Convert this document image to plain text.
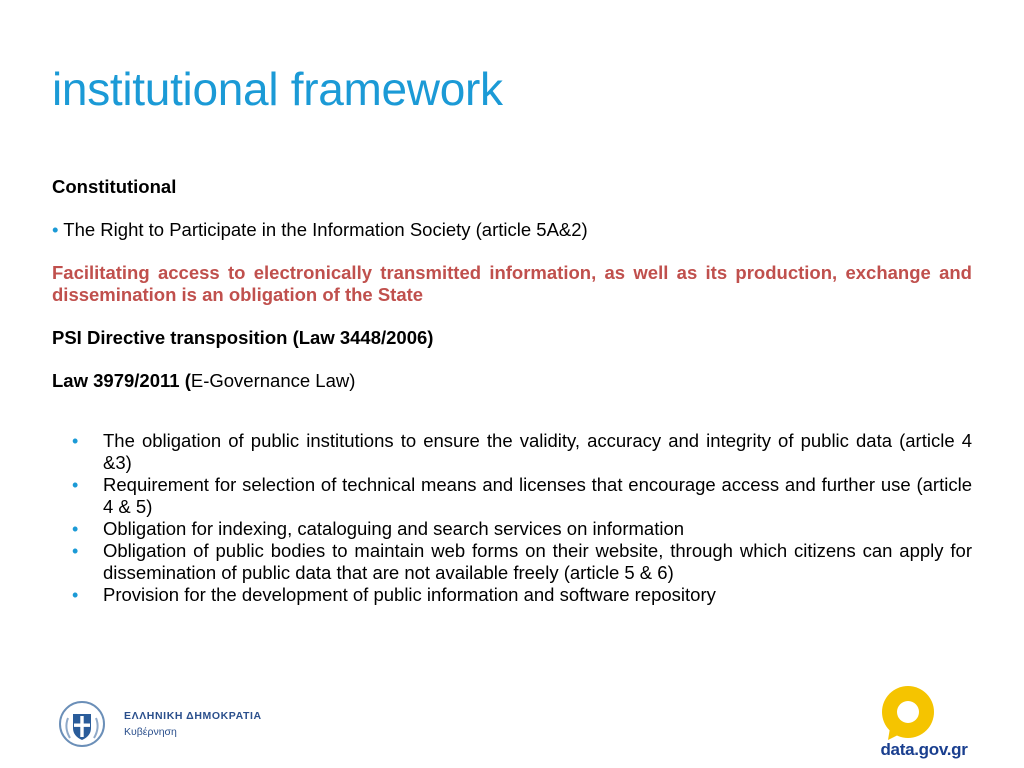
institutional framework

Constitutional

• The Right to Participate in the Information Society (article 5A&2)

Facilitating access to electronically transmitted information, as well as its production, exchange and dissemination is an obligation of the State

PSI Directive transposition (Law 3448/2006)

Law 3979/2011 (E-Governance Law)

• The obligation of public institutions to ensure the validity, accuracy and integrity of public data (article 4 &3)
• Requirement for selection of technical means and licenses that encourage access and further use (article 4 & 5)
• Obligation for indexing, cataloguing and search services on information
• Obligation of public bodies to maintain web forms on their website, through which citizens can apply for dissemination of public data that are not available freely (article 5 & 6)
• Provision for the development of public information and software repository
ΕΛΛΗΝΙΚΗ ΔΗΜΟΚΡΑΤΙΑ
Κυβέρνηση
data.gov.gr
